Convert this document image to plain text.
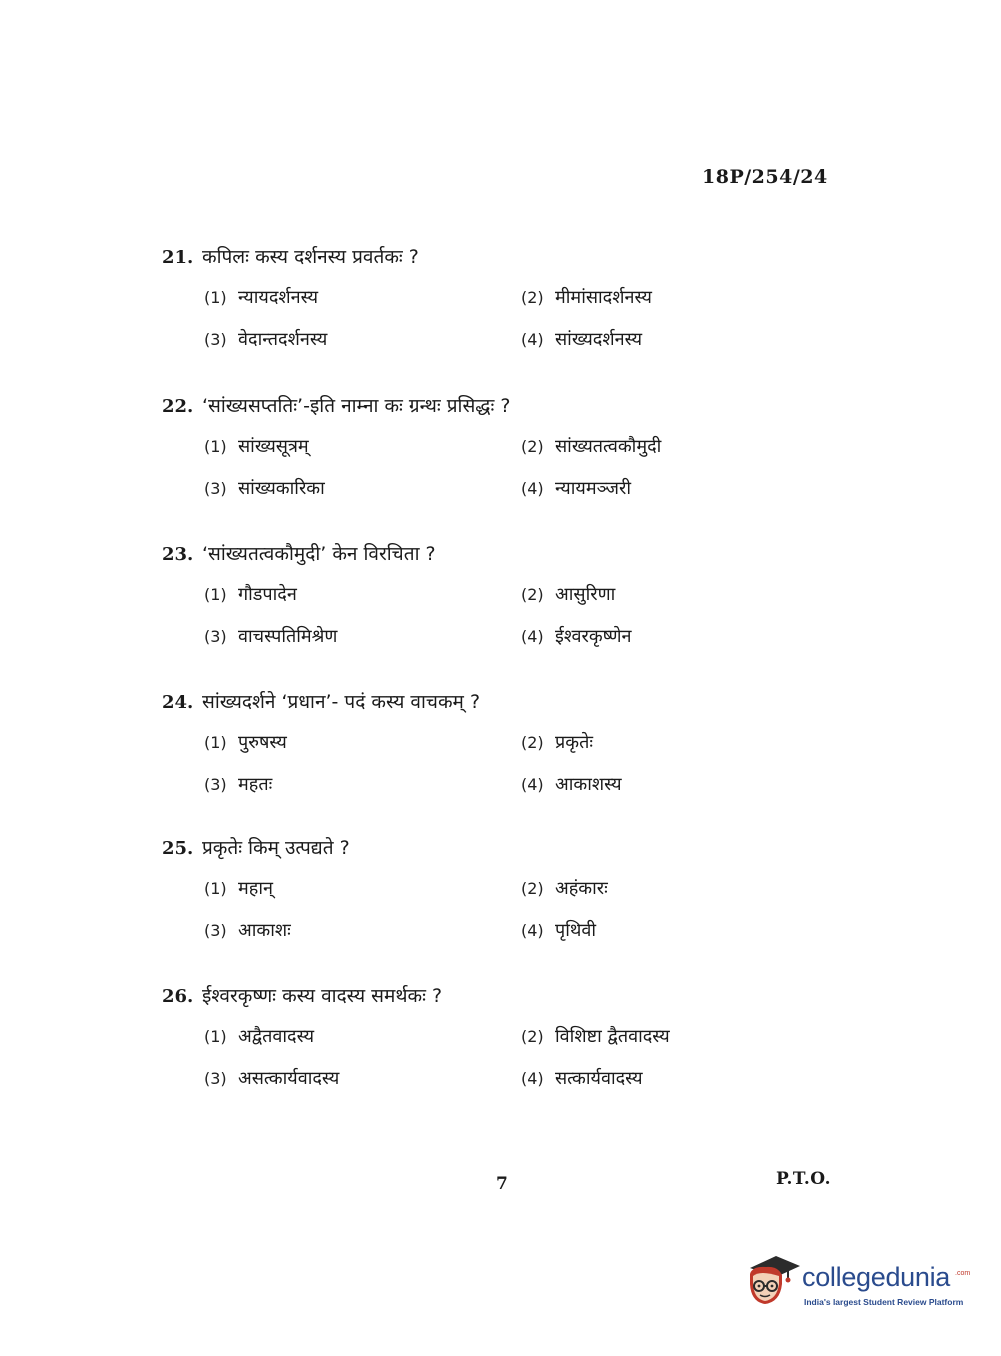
18P/254/24
21. कपिलः कस्य दर्शनस्य प्रवर्तकः ?
(1) न्यायदर्शनस्य	(2) मीमांसादर्शनस्य
(3) वेदान्तदर्शनस्य	(4) सांख्यदर्शनस्य
22. ‘सांख्यसप्ततिः’-इति नाम्ना कः ग्रन्थः प्रसिद्धः ?
(1) सांख्यसूत्रम्	(2) सांख्यतत्वकौमुदी
(3) सांख्यकारिका	(4) न्यायमञ्जरी
23. ‘सांख्यतत्वकौमुदी’ केन विरचिता ?
(1) गौडपादेन	(2) आसुरिणा
(3) वाचस्पतिमिश्रेण	(4) ईश्वरकृष्णेन
24. सांख्यदर्शने ‘प्रधान’- पदं कस्य वाचकम् ?
(1) पुरुषस्य	(2) प्रकृतेः
(3) महतः	(4) आकाशस्य
25. प्रकृतेः किम् उत्पद्यते ?
(1) महान्	(2) अहंकारः
(3) आकाशः	(4) पृथिवी
26. ईश्वरकृष्णः कस्य वादस्य समर्थकः ?
(1) अद्वैतवादस्य	(2) विशिष्टा द्वैतवादस्य
(3) असत्कार्यवादस्य	(4) सत्कार्यवादस्य
7	P.T.O.
collegedunia .com
India's largest Student Review Platform
